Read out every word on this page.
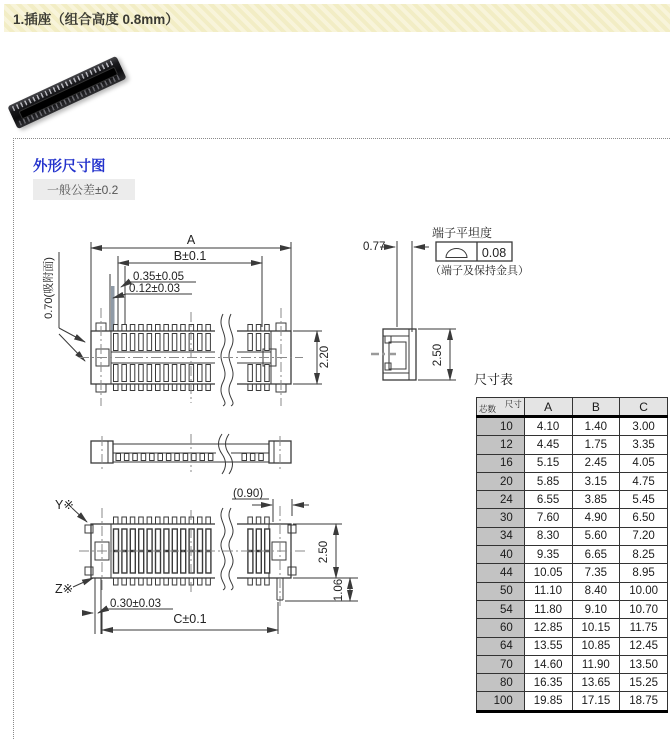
1.插座（组合高度 0.8mm）
外形尺寸图
一般公差±0.2
尺寸表
A
B±0.1
0.35±0.05
0.12±0.03
0.70(吸附面)
2.20
Y※
Z※
(0.90)
2.50
1.06
0.30±0.03
C±0.1
0.77
端子平坦度
0.08
（端子及保持金具）
2.50
尺寸
芯数	A	B	C
10	4.10	1.40	3.00
12	4.45	1.75	3.35
16	5.15	2.45	4.05
20	5.85	3.15	4.75
24	6.55	3.85	5.45
30	7.60	4.90	6.50
34	8.30	5.60	7.20
40	9.35	6.65	8.25
44	10.05	7.35	8.95
50	11.10	8.40	10.00
54	11.80	9.10	10.70
60	12.85	10.15	11.75
64	13.55	10.85	12.45
70	14.60	11.90	13.50
80	16.35	13.65	15.25
100	19.85	17.15	18.75
